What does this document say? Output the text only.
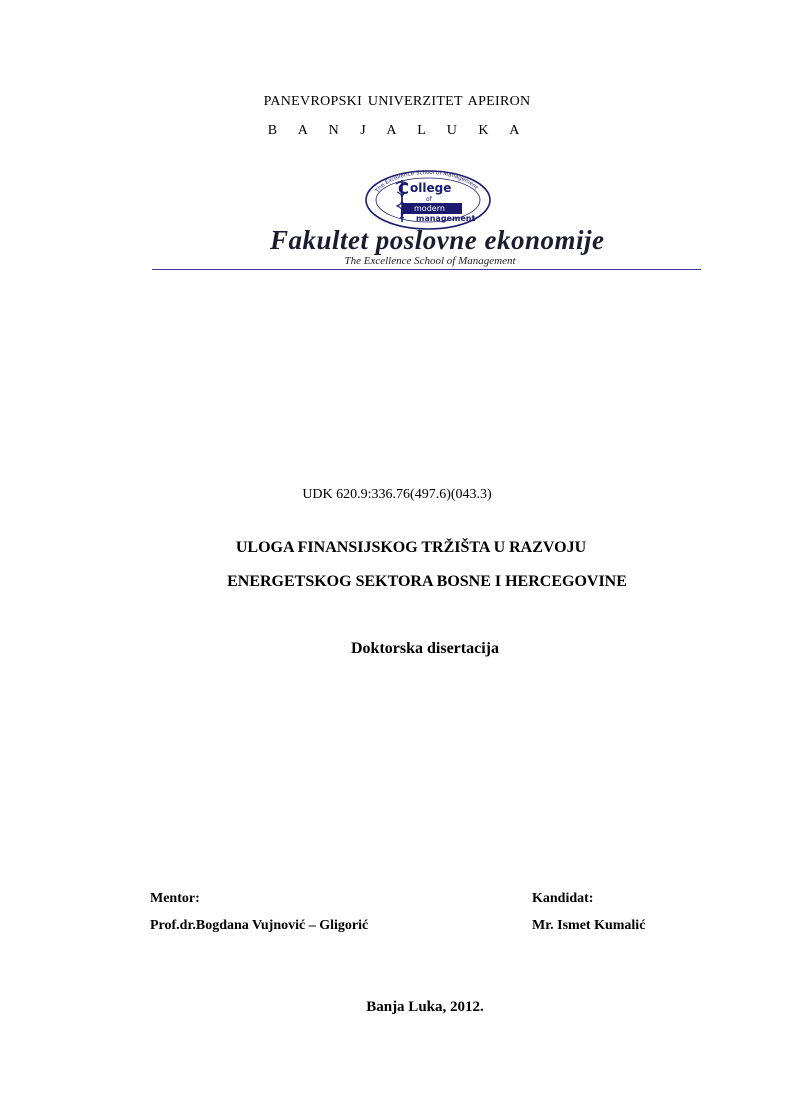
PANEVROPSKI UNIVERZITET APEIRON
B A N J A L U K A
The Excellence School of Management
C ollege
of
modern
management
Fakultet poslovne ekonomije
The Excellence School of Management
UDK 620.9:336.76(497.6)(043.3)
ULOGA FINANSIJSKOG TRŽIŠTA U RAZVOJU
ENERGETSKOG SEKTORA BOSNE I HERCEGOVINE
Doktorska disertacija
Mentor:
Prof.dr.Bogdana Vujnović – Gligorić
Kandidat:
Mr. Ismet Kumalić
Banja Luka, 2012.
